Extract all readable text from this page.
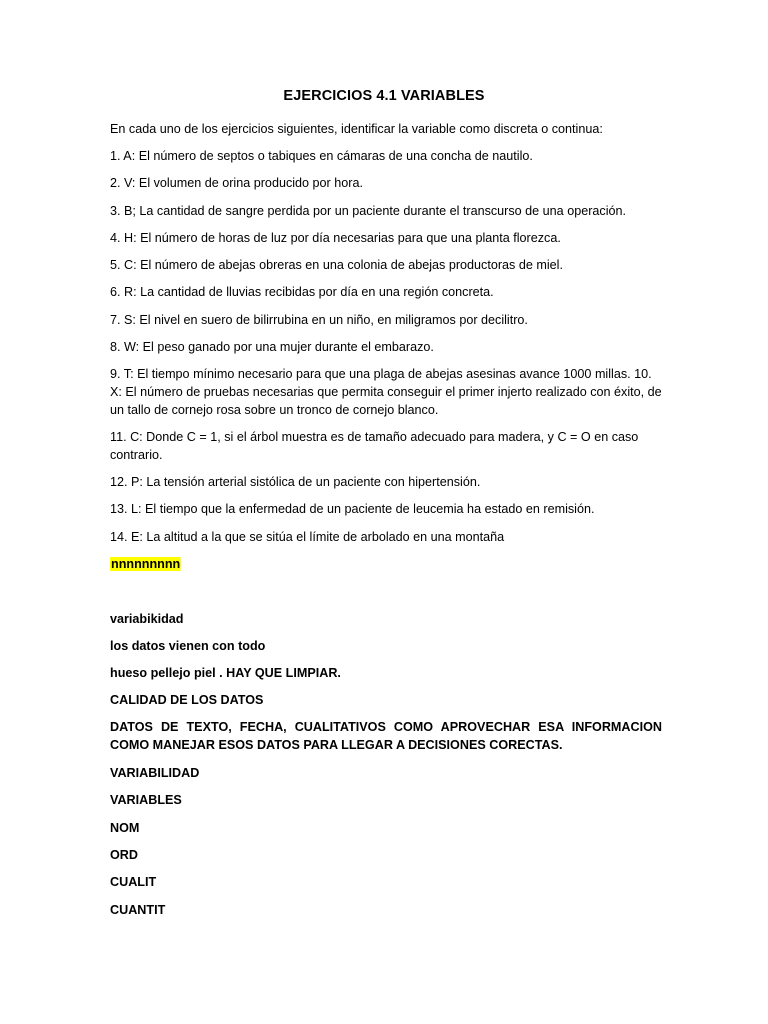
EJERCICIOS 4.1 VARIABLES
En cada uno de los ejercicios siguientes, identificar la variable como discreta o continua:
1. A: El número de septos o tabiques en cámaras de una concha de nautilo.
2. V: El volumen de orina producido por hora.
3. B; La cantidad de sangre perdida por un paciente durante el transcurso de una operación.
4. H: El número de horas de luz por día necesarias para que una planta florezca.
5. C: El número de abejas obreras en una colonia de abejas productoras de miel.
6. R: La cantidad de lluvias recibidas por día en una región concreta.
7. S: El nivel en suero de bilirrubina en un niño, en miligramos por decilitro.
8. W: El peso ganado por una mujer durante el embarazo.
9. T: El tiempo mínimo necesario para que una plaga de abejas asesinas avance 1000 millas. 10. X: El número de pruebas necesarias que permita conseguir el primer injerto realizado con éxito, de un tallo de cornejo rosa sobre un tronco de cornejo blanco.
11. C: Donde C = 1, si el árbol muestra es de tamaño adecuado para madera, y C = O en caso contrario.
12. P: La tensión arterial sistólica de un paciente con hipertensión.
13. L: El tiempo que la enfermedad de un paciente de leucemia ha estado en remisión.
14. E: La altitud a la que se sitúa el límite de arbolado en una montaña
nnnnnnnnn
variabikidad
los datos vienen con todo
hueso pellejo piel . HAY QUE LIMPIAR.
CALIDAD DE LOS DATOS
DATOS DE TEXTO, FECHA, CUALITATIVOS COMO APROVECHAR ESA INFORMACION COMO MANEJAR ESOS DATOS PARA LLEGAR A DECISIONES CORECTAS.
VARIABILIDAD
VARIABLES
NOM
ORD
CUALIT
CUANTIT
